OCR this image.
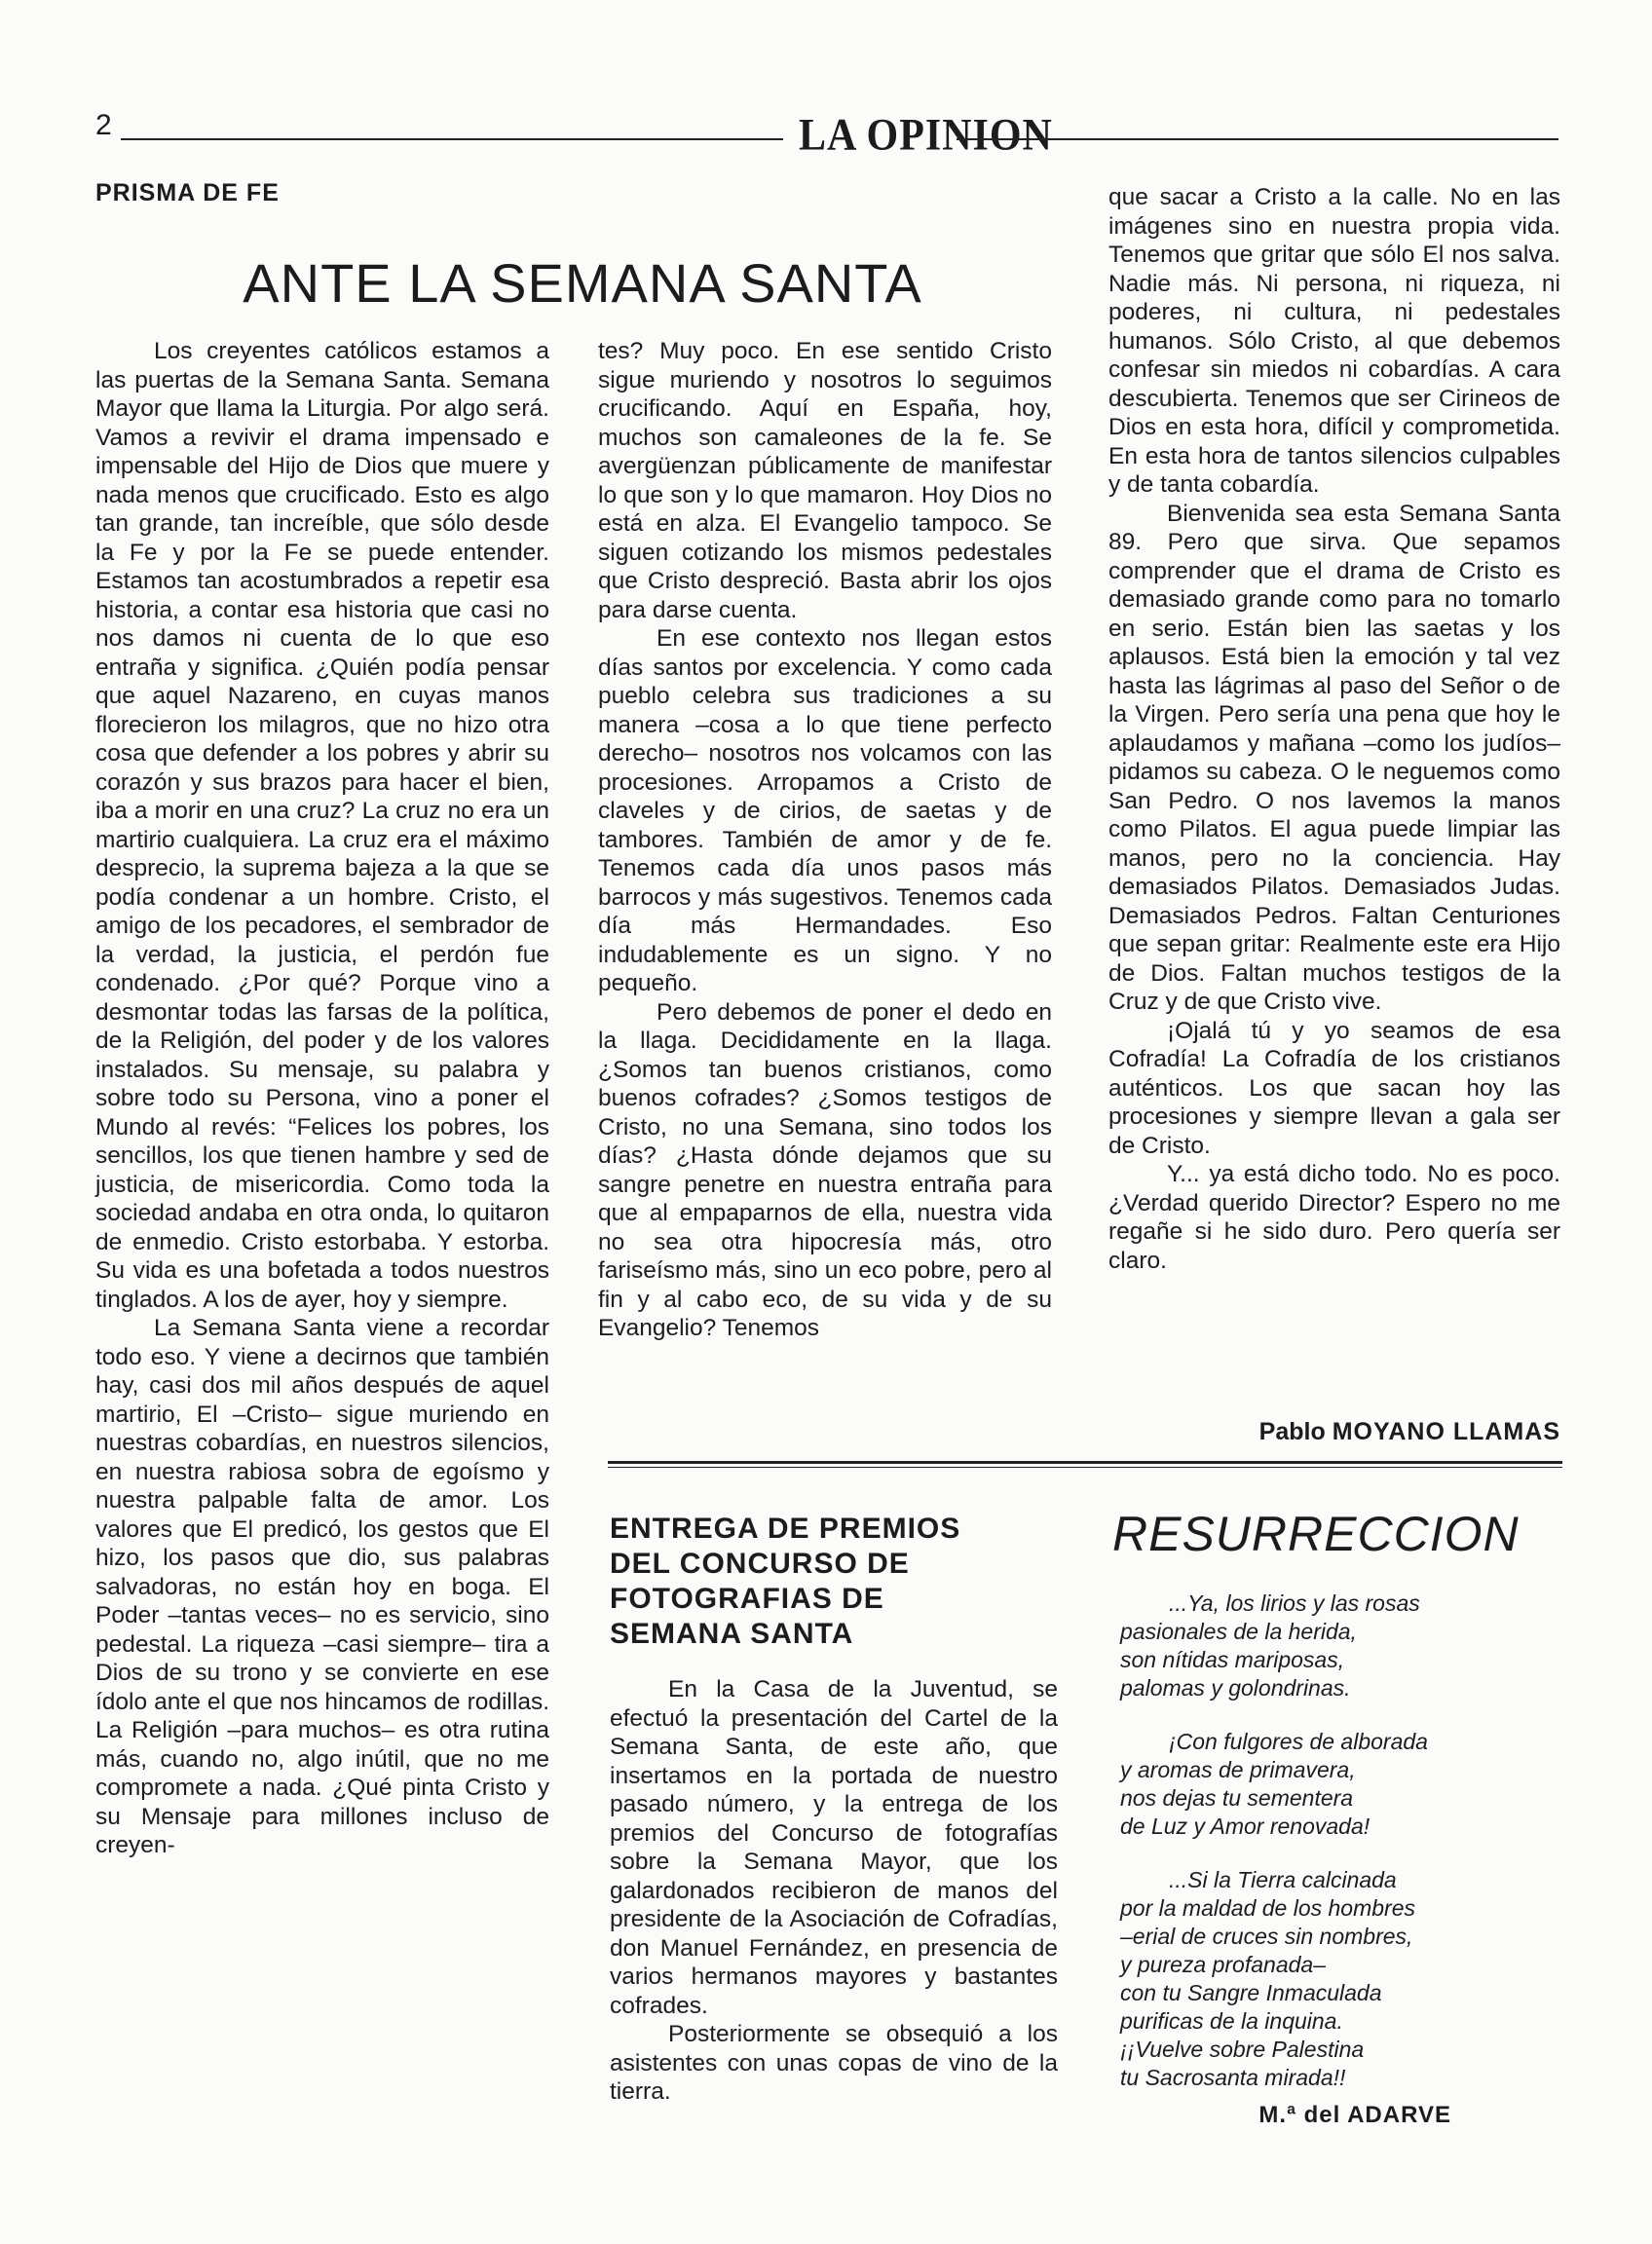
2	LA OPINION
PRISMA DE FE
ANTE LA SEMANA SANTA

Los creyentes católicos estamos a las puertas de la Semana Santa. Semana Mayor que llama la Liturgia. Por algo será. Vamos a revivir el drama impensado e impensable del Hijo de Dios que muere y nada menos que crucificado. Esto es algo tan grande, tan increíble, que sólo desde la Fe y por la Fe se puede entender. Estamos tan acostumbrados a repetir esa historia, a contar esa historia que casi no nos damos ni cuenta de lo que eso entraña y significa. ¿Quién podía pensar que aquel Nazareno, en cuyas manos florecieron los milagros, que no hizo otra cosa que defender a los pobres y abrir su corazón y sus brazos para hacer el bien, iba a morir en una cruz? La cruz no era un martirio cualquiera. La cruz era el máximo desprecio, la suprema bajeza a la que se podía condenar a un hombre. Cristo, el amigo de los pecadores, el sembrador de la verdad, la justicia, el perdón fue condenado. ¿Por qué? Porque vino a desmontar todas las farsas de la política, de la Religión, del poder y de los valores instalados. Su mensaje, su palabra y sobre todo su Persona, vino a poner el Mundo al revés: “Felices los pobres, los sencillos, los que tienen hambre y sed de justicia, de misericordia. Como toda la sociedad andaba en otra onda, lo quitaron de enmedio. Cristo estorbaba. Y estorba. Su vida es una bofetada a todos nuestros tinglados. A los de ayer, hoy y siempre.

La Semana Santa viene a recordar todo eso. Y viene a decirnos que también hay, casi dos mil años después de aquel martirio, El –Cristo– sigue muriendo en nuestras cobardías, en nuestros silencios, en nuestra rabiosa sobra de egoísmo y nuestra palpable falta de amor. Los valores que El predicó, los gestos que El hizo, los pasos que dio, sus palabras salvadoras, no están hoy en boga. El Poder –tantas veces– no es servicio, sino pedestal. La riqueza –casi siempre– tira a Dios de su trono y se convierte en ese ídolo ante el que nos hincamos de rodillas. La Religión –para muchos– es otra rutina más, cuando no, algo inútil, que no me compromete a nada. ¿Qué pinta Cristo y su Mensaje para millones incluso de creyen-

tes? Muy poco. En ese sentido Cristo sigue muriendo y nosotros lo seguimos crucificando. Aquí en España, hoy, muchos son camaleones de la fe. Se avergüenzan públicamente de manifestar lo que son y lo que mamaron. Hoy Dios no está en alza. El Evangelio tampoco. Se siguen cotizando los mismos pedestales que Cristo despreció. Basta abrir los ojos para darse cuenta.

En ese contexto nos llegan estos días santos por excelencia. Y como cada pueblo celebra sus tradiciones a su manera –cosa a lo que tiene perfecto derecho– nosotros nos volcamos con las procesiones. Arropamos a Cristo de claveles y de cirios, de saetas y de tambores. También de amor y de fe. Tenemos cada día unos pasos más barrocos y más sugestivos. Tenemos cada día más Hermandades. Eso indudablemente es un signo. Y no pequeño.

Pero debemos de poner el dedo en la llaga. Decididamente en la llaga. ¿Somos tan buenos cristianos, como buenos cofrades? ¿Somos testigos de Cristo, no una Semana, sino todos los días? ¿Hasta dónde dejamos que su sangre penetre en nuestra entraña para que al empaparnos de ella, nuestra vida no sea otra hipocresía más, otro fariseísmo más, sino un eco pobre, pero al fin y al cabo eco, de su vida y de su Evangelio? Tenemos

que sacar a Cristo a la calle. No en las imágenes sino en nuestra propia vida. Tenemos que gritar que sólo El nos salva. Nadie más. Ni persona, ni riqueza, ni poderes, ni cultura, ni pedestales humanos. Sólo Cristo, al que debemos confesar sin miedos ni cobardías. A cara descubierta. Tenemos que ser Cirineos de Dios en esta hora, difícil y comprometida. En esta hora de tantos silencios culpables y de tanta cobardía.

Bienvenida sea esta Semana Santa 89. Pero que sirva. Que sepamos comprender que el drama de Cristo es demasiado grande como para no tomarlo en serio. Están bien las saetas y los aplausos. Está bien la emoción y tal vez hasta las lágrimas al paso del Señor o de la Virgen. Pero sería una pena que hoy le aplaudamos y mañana –como los judíos– pidamos su cabeza. O le neguemos como San Pedro. O nos lavemos la manos como Pilatos. El agua puede limpiar las manos, pero no la conciencia. Hay demasiados Pilatos. Demasiados Judas. Demasiados Pedros. Faltan Centuriones que sepan gritar: Realmente este era Hijo de Dios. Faltan muchos testigos de la Cruz y de que Cristo vive.

¡Ojalá tú y yo seamos de esa Cofradía! La Cofradía de los cristianos auténticos. Los que sacan hoy las procesiones y siempre llevan a gala ser de Cristo.

Y... ya está dicho todo. No es poco. ¿Verdad querido Director? Espero no me regañe si he sido duro. Pero quería ser claro.

Pablo MOYANO LLAMAS
ENTREGA DE PREMIOS
DEL CONCURSO DE
FOTOGRAFIAS DE
SEMANA SANTA

En la Casa de la Juventud, se efectuó la presentación del Cartel de la Semana Santa, de este año, que insertamos en la portada de nuestro pasado número, y la entrega de los premios del Concurso de fotografías sobre la Semana Mayor, que los galardonados recibieron de manos del presidente de la Asociación de Cofradías, don Manuel Fernández, en presencia de varios hermanos mayores y bastantes cofrades.

Posteriormente se obsequió a los asistentes con unas copas de vino de la tierra.

RESURRECCION
...Ya, los lirios y las rosas
pasionales de la herida,
son nítidas mariposas,
palomas y golondrinas.
¡Con fulgores de alborada
y aromas de primavera,
nos dejas tu sementera
de Luz y Amor renovada!
...Si la Tierra calcinada
por la maldad de los hombres
–erial de cruces sin nombres,
y pureza profanada–
con tu Sangre Inmaculada
purificas de la inquina.
¡¡Vuelve sobre Palestina
tu Sacrosanta mirada!!
M.ª del ADARVE
